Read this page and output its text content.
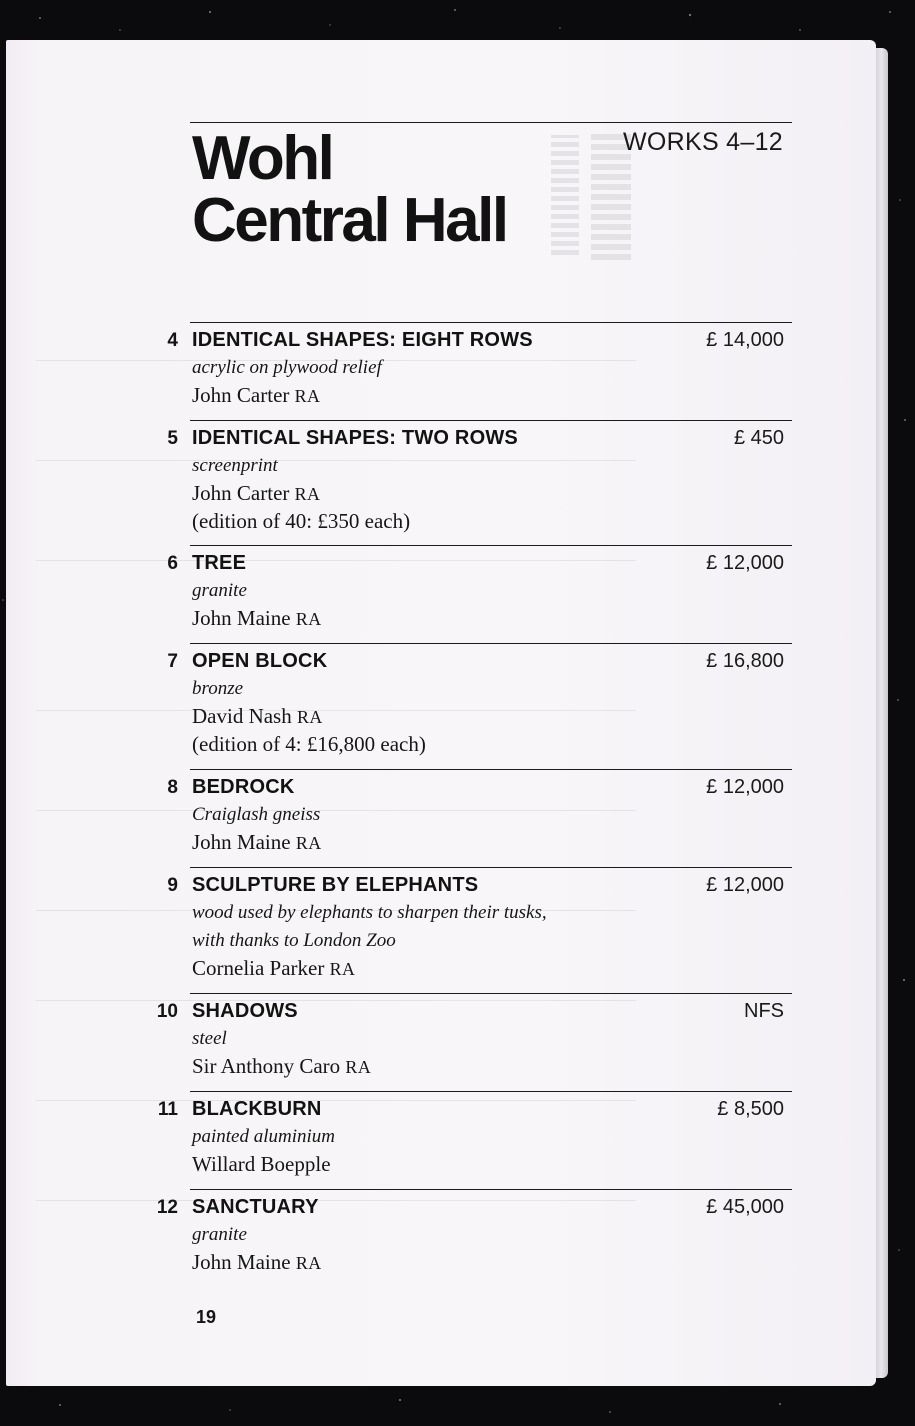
Wohl
Central Hall
WORKS 4–12
4 IDENTICAL SHAPES: EIGHT ROWS	£ 14,000
acrylic on plywood relief
John Carter RA
5 IDENTICAL SHAPES: TWO ROWS	£ 450
screenprint
John Carter RA
(edition of 40: £350 each)
6 TREE	£ 12,000
granite
John Maine RA
7 OPEN BLOCK	£ 16,800
bronze
David Nash RA
(edition of 4: £16,800 each)
8 BEDROCK	£ 12,000
Craiglash gneiss
John Maine RA
9 SCULPTURE BY ELEPHANTS	£ 12,000
wood used by elephants to sharpen their tusks,
with thanks to London Zoo
Cornelia Parker RA
10 SHADOWS	NFS
steel
Sir Anthony Caro RA
11 BLACKBURN	£ 8,500
painted aluminium
Willard Boepple
12 SANCTUARY	£ 45,000
granite
John Maine RA
19
